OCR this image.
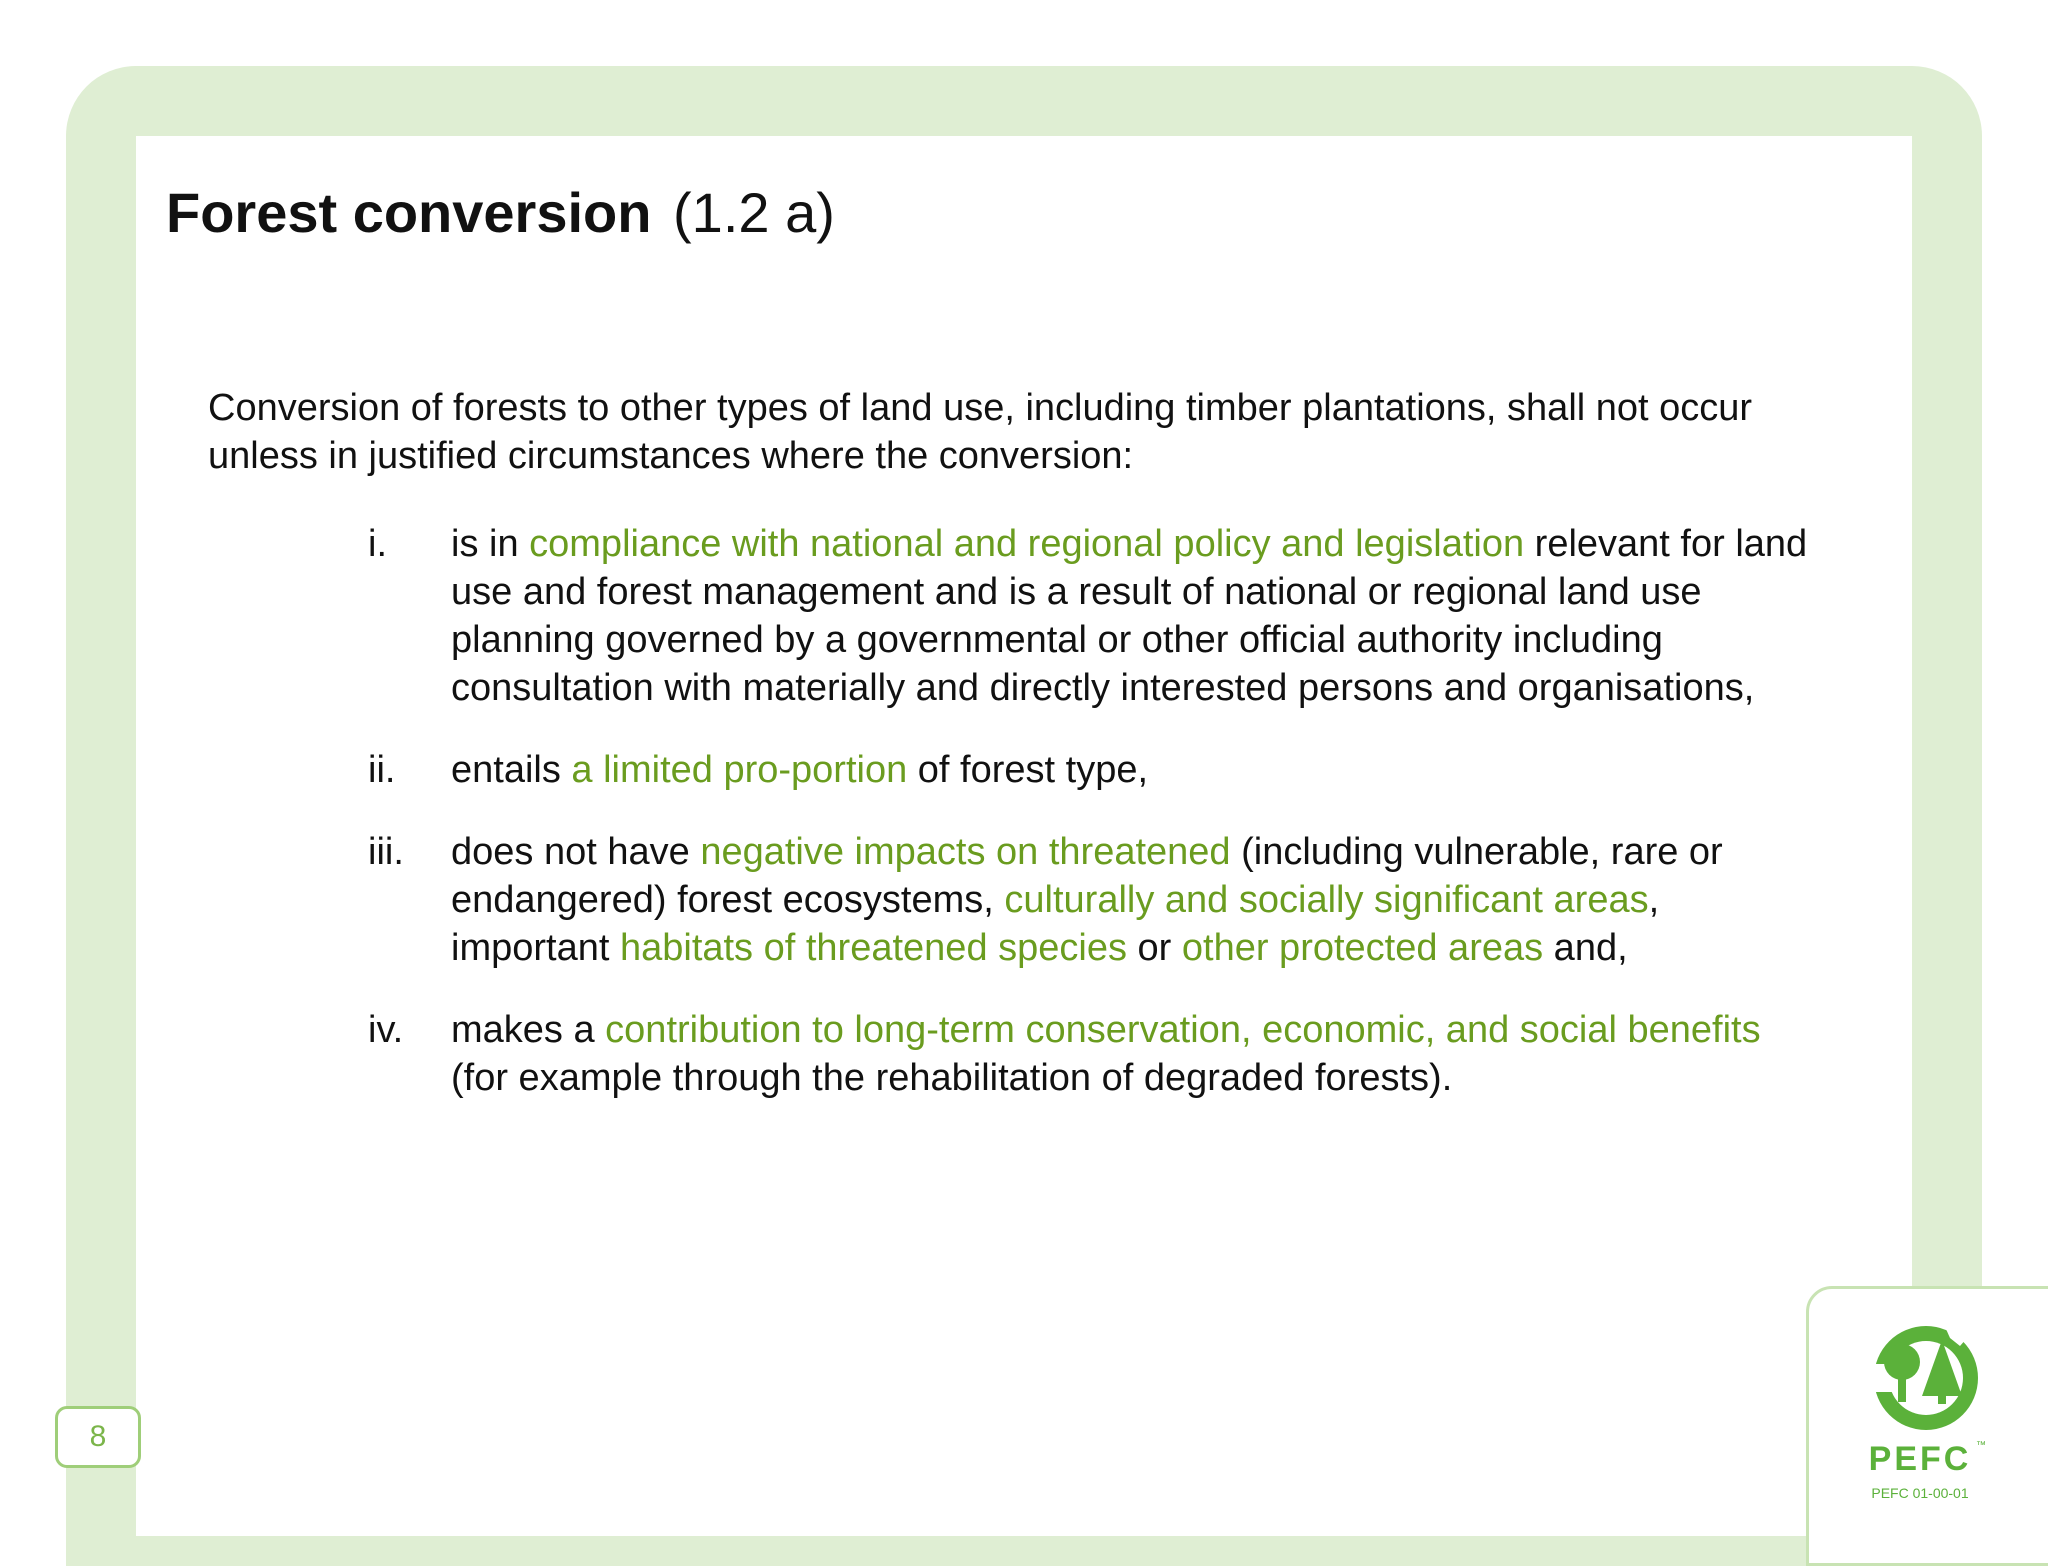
Forest conversion (1.2 a)

Conversion of forests to other types of land use, including timber plantations, shall not occur unless in justified circumstances where the conversion:

i. is in compliance with national and regional policy and legislation relevant for land use and forest management and is a result of national or regional land use planning governed by a governmental or other official authority including consultation with materially and directly interested persons and organisations,
ii. entails a limited pro-portion of forest type,
iii. does not have negative impacts on threatened (including vulnerable, rare or endangered) forest ecosystems, culturally and socially significant areas, important habitats of threatened species or other protected areas and,
iv. makes a contribution to long-term conservation, economic, and social benefits (for example through the rehabilitation of degraded forests).
8
PEFC ™
PEFC 01-00-01
